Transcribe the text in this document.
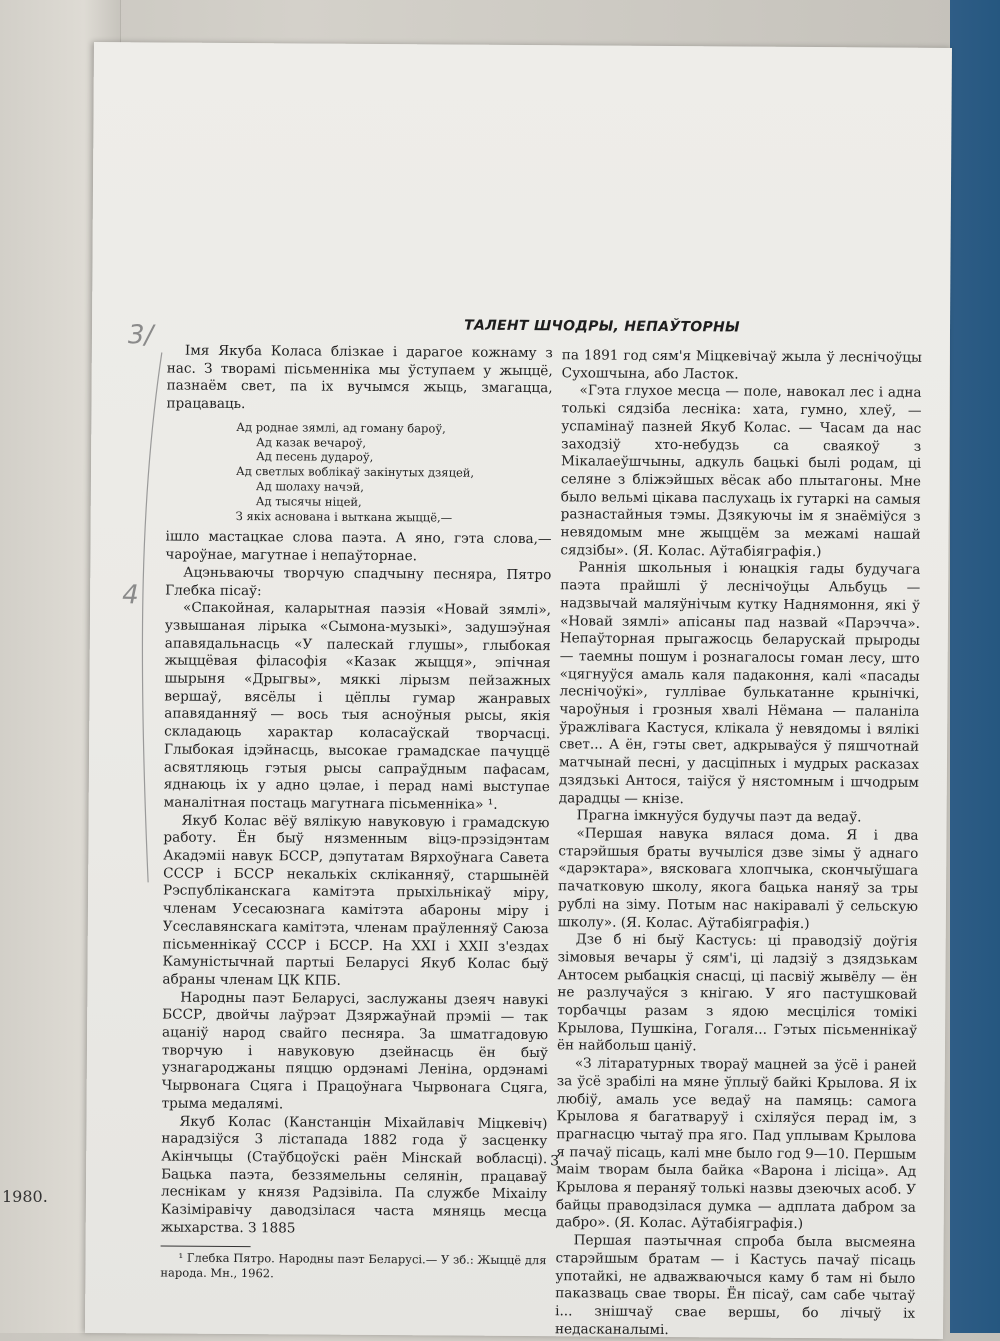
1980.
ТАЛЕНТ ШЧОДРЫ, НЕПАЎТОРНЫ
3/
4

Імя Якуба Коласа блізкае і дарагое кожнаму з нас. З творамі пісьменніка мы ўступаем у жыццё, пазнаём свет, па іх вучымся жыць, змагацца, працаваць.

Ад роднае зямлі, ад гоману бароў,
Ад казак вечароў,
Ад песень дудароў,
Ад светлых воблікаў закінутых дзяцей,
Ад шолаху начэй,
Ад тысячы ніцей,
З якіх аснована і выткана жыццё,—

ішло мастацкае слова паэта. А яно, гэта слова,— чароўнае, магутнае і непаўторнае.

Ацэньваючы творчую спадчыну песняра, Пятро Глебка пісаў:

«Спакойная, каларытная паэзія «Новай зямлі», узвышаная лірыка «Сымона-музыкі», задушэўная апавядальнасць «У палескай глушы», глыбокая жыццёвая філасофія «Казак жыцця», эпічная шырыня «Дрыгвы», мяккі лірызм пейзажных вершаў, вясёлы і цёплы гумар жанравых апавяданняў — вось тыя асноўныя рысы, якія складаюць характар коласаўскай творчасці. Глыбокая ідэйнасць, высокае грамадскае пачуццё асвятляюць гэтыя рысы сапраўдным пафасам, яднаюць іх у адно цэлае, і перад намі выступае маналітная постаць магутнага пісьменніка» ¹.

Якуб Колас вёў вялікую навуковую і грамадскую работу. Ён быў нязменным віцэ-прэзідэнтам Акадэміі навук БССР, дэпутатам Вярхоўнага Савета СССР і БССР некалькіх скліканняў, старшынёй Рэспубліканскага камітэта прыхільнікаў міру, членам Усесаюзнага камітэта абароны міру і Усеславянскага камітэта, членам праўленняў Саюза пісьменнікаў СССР і БССР. На XXI і XXII з'ездах Камуністычнай партыі Беларусі Якуб Колас быў абраны членам ЦК КПБ.

Народны паэт Беларусі, заслужаны дзеяч навукі БССР, двойчы лаўрэат Дзяржаўнай прэміі — так ацаніў народ свайго песняра. За шматгадовую творчую і навуковую дзейнасць ён быў узнагароджаны пяццю ордэнамі Леніна, ордэнамі Чырвонага Сцяга і Працоўнага Чырвонага Сцяга, трыма медалямі.

Якуб Колас (Канстанцін Міхайлавіч Міцкевіч) нарадзіўся 3 лістапада 1882 года ў засценку Акінчыцы (Стаўбцоўскі раён Мінскай вобласці). Бацька паэта, беззямельны селянін, працаваў леснікам у князя Радзівіла. Па службе Міхаілу Казіміравічу даводзілася часта мяняць месца жыхарства. З 1885

¹ Глебка Пятро. Народны паэт Беларусі.— У зб.: Жыццё для народа. Мн., 1962.

па 1891 год сям'я Міцкевічаў жыла ў леснічоўцы Сухошчына, або Ласток.

«Гэта глухое месца — поле, навокал лес і адна толькі сядзіба лесніка: хата, гумно, хлеў, — успамінаў пазней Якуб Колас. — Часам да нас заходзіў хто-небудзь са сваякоў з Мікалаеўшчыны, адкуль бацькі былі родам, ці селяне з бліжэйшых вёсак або плытагоны. Мне было вельмі цікава паслухаць іх гутаркі на самыя разнастайныя тэмы. Дзякуючы ім я знаёміўся з невядомым мне жыццём за межамі нашай сядзібы». (Я. Колас. Аўтабіяграфія.)

Раннія школьныя і юнацкія гады будучага паэта прайшлі ў леснічоўцы Альбуць — надзвычай маляўнічым кутку Наднямоння, які ў «Новай зямлі» апісаны пад назвай «Парэчча». Непаўторная прыгажосць беларускай прыроды — таемны пошум і рознагалосы гоман лесу, што «цягнуўся амаль каля падаконня, калі «пасады леснічоўкі», гуллівае булькатанне крынічкі, чароўныя і грозныя хвалі Нёмана — паланіла ўражлівага Кастуся, клікала ў невядомы і вялікі свет... А ён, гэты свет, адкрываўся ў пяшчотнай матчынай песні, у дасціпных і мудрых расказах дзядзькі Антося, таіўся ў нястомным і шчодрым дарадцы — кнізе.

Прагна імкнуўся будучы паэт да ведаў.

«Першая навука вялася дома. Я і два старэйшыя браты вучыліся дзве зімы ў аднаго «дарэктара», вясковага хлопчыка, скончыўшага пачатковую школу, якога бацька наняў за тры рублі на зіму. Потым нас накіравалі ў сельскую школу». (Я. Колас. Аўтабіяграфія.)

Дзе б ні быў Кастусь: ці праводзіў доўгія зімовыя вечары ў сям'і, ці ладзіў з дзядзькам Антосем рыбацкія снасці, ці пасвіў жывёлу — ён не разлучаўся з кнігаю. У яго пастушковай торбачцы разам з ядою месціліся томікі Крылова, Пушкіна, Гогаля... Гэтых пісьменнікаў ён найбольш цаніў.

«З літаратурных твораў мацней за ўсё і раней за ўсё зрабілі на мяне ўплыў байкі Крылова. Я іх любіў, амаль усе ведаў на памяць: самога Крылова я багатваруў і схіляўся перад ім, з прагнасцю чытаў пра яго. Пад уплывам Крылова я пачаў пісаць, калі мне было год 9—10. Першым маім творам была байка «Варона і лісіца». Ад Крылова я пераняў толькі назвы дзеючых асоб. У байцы праводзілася думка — адплата дабром за дабро». (Я. Колас. Аўтабіяграфія.)

Першая паэтычная спроба была высмеяна старэйшым братам — і Кастусь пачаў пісаць употайкі, не адважваючыся каму б там ні было паказваць свае творы. Ён пісаў, сам сабе чытаў і... знішчаў свае вершы, бо лічыў іх недасканалымі.

3
